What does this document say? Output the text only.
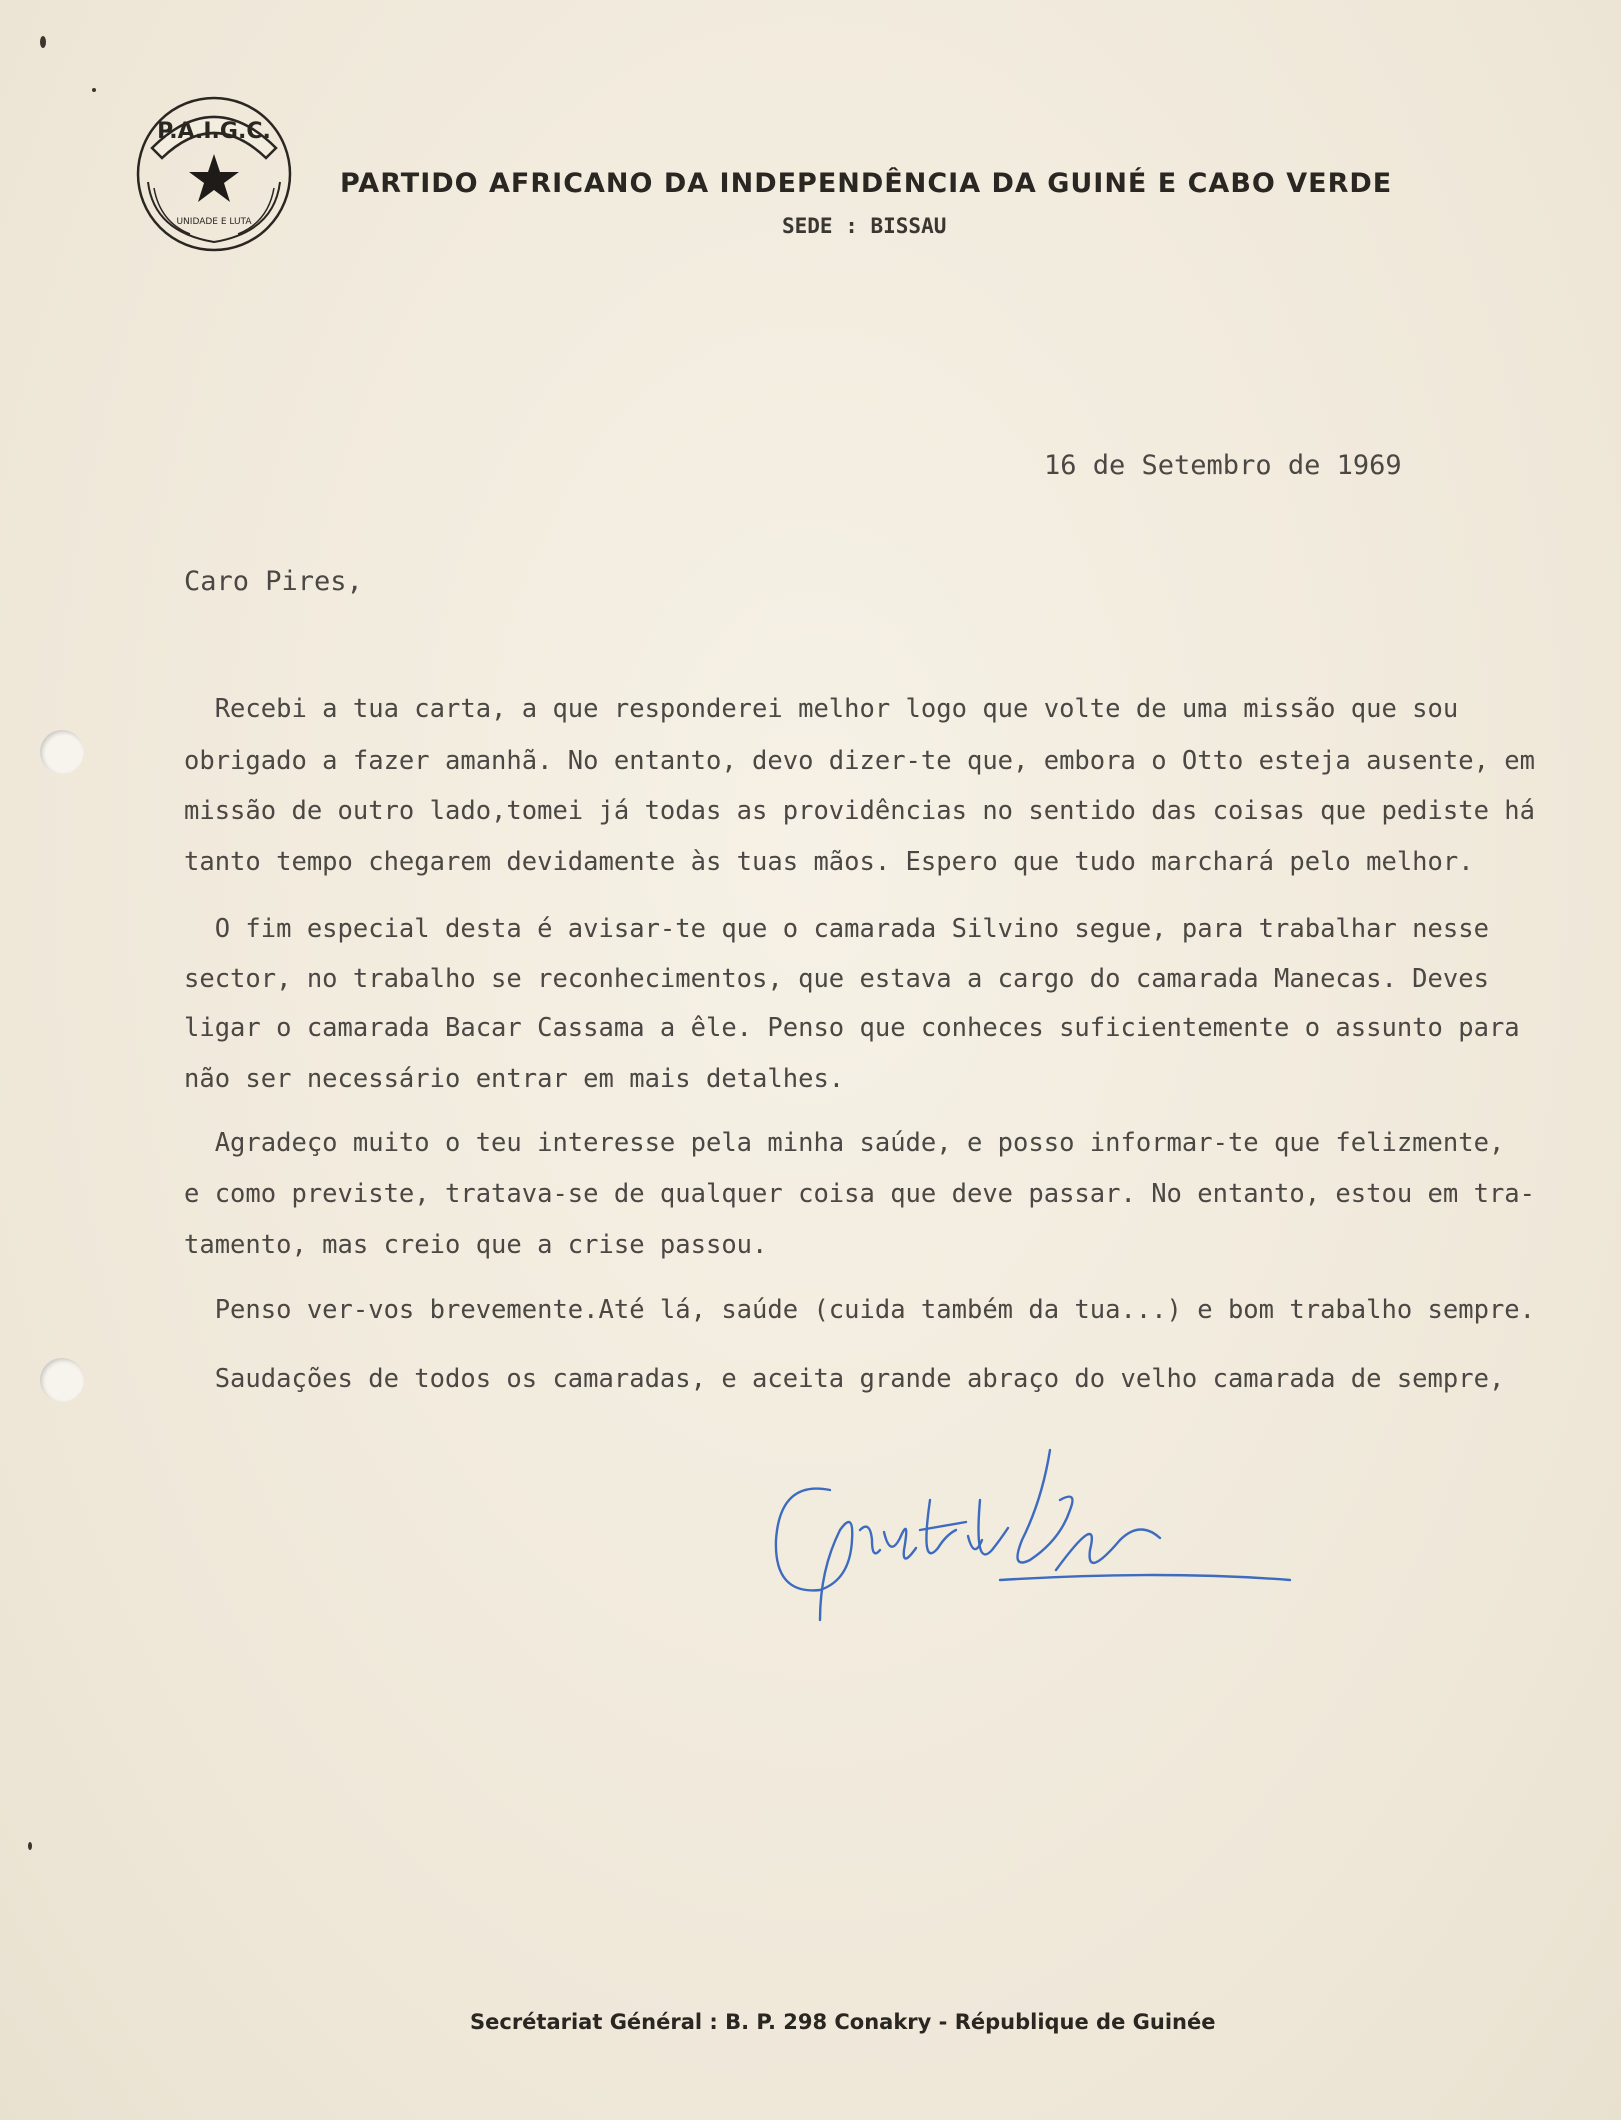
P.A.I.G.C.
UNIDADE E LUTA
PARTIDO AFRICANO DA INDEPENDÊNCIA DA GUINÉ E CABO VERDE
SEDE : BISSAU
16 de Setembro de 1969
Caro Pires,
Recebi a tua carta, a que responderei melhor logo que volte de uma missão que sou
obrigado a fazer amanhã. No entanto, devo dizer-te que, embora o Otto esteja ausente, em
missão de outro lado,tomei já todas as providências no sentido das coisas que pediste há
tanto tempo chegarem devidamente às tuas mãos. Espero que tudo marchará pelo melhor.
O fim especial desta é avisar-te que o camarada Silvino segue, para trabalhar nesse
sector, no trabalho se reconhecimentos, que estava a cargo do camarada Manecas. Deves
ligar o camarada Bacar Cassama a êle. Penso que conheces suficientemente o assunto para
não ser necessário entrar em mais detalhes.
Agradeço muito o teu interesse pela minha saúde, e posso informar-te que felizmente,
e como previste, tratava-se de qualquer coisa que deve passar. No entanto, estou em tra-
tamento, mas creio que a crise passou.
Penso ver-vos brevemente.Até lá, saúde (cuida também da tua...) e bom trabalho sempre.
Saudações de todos os camaradas, e aceita grande abraço do velho camarada de sempre,
Secrétariat Général : B. P. 298 Conakry - République de Guinée
